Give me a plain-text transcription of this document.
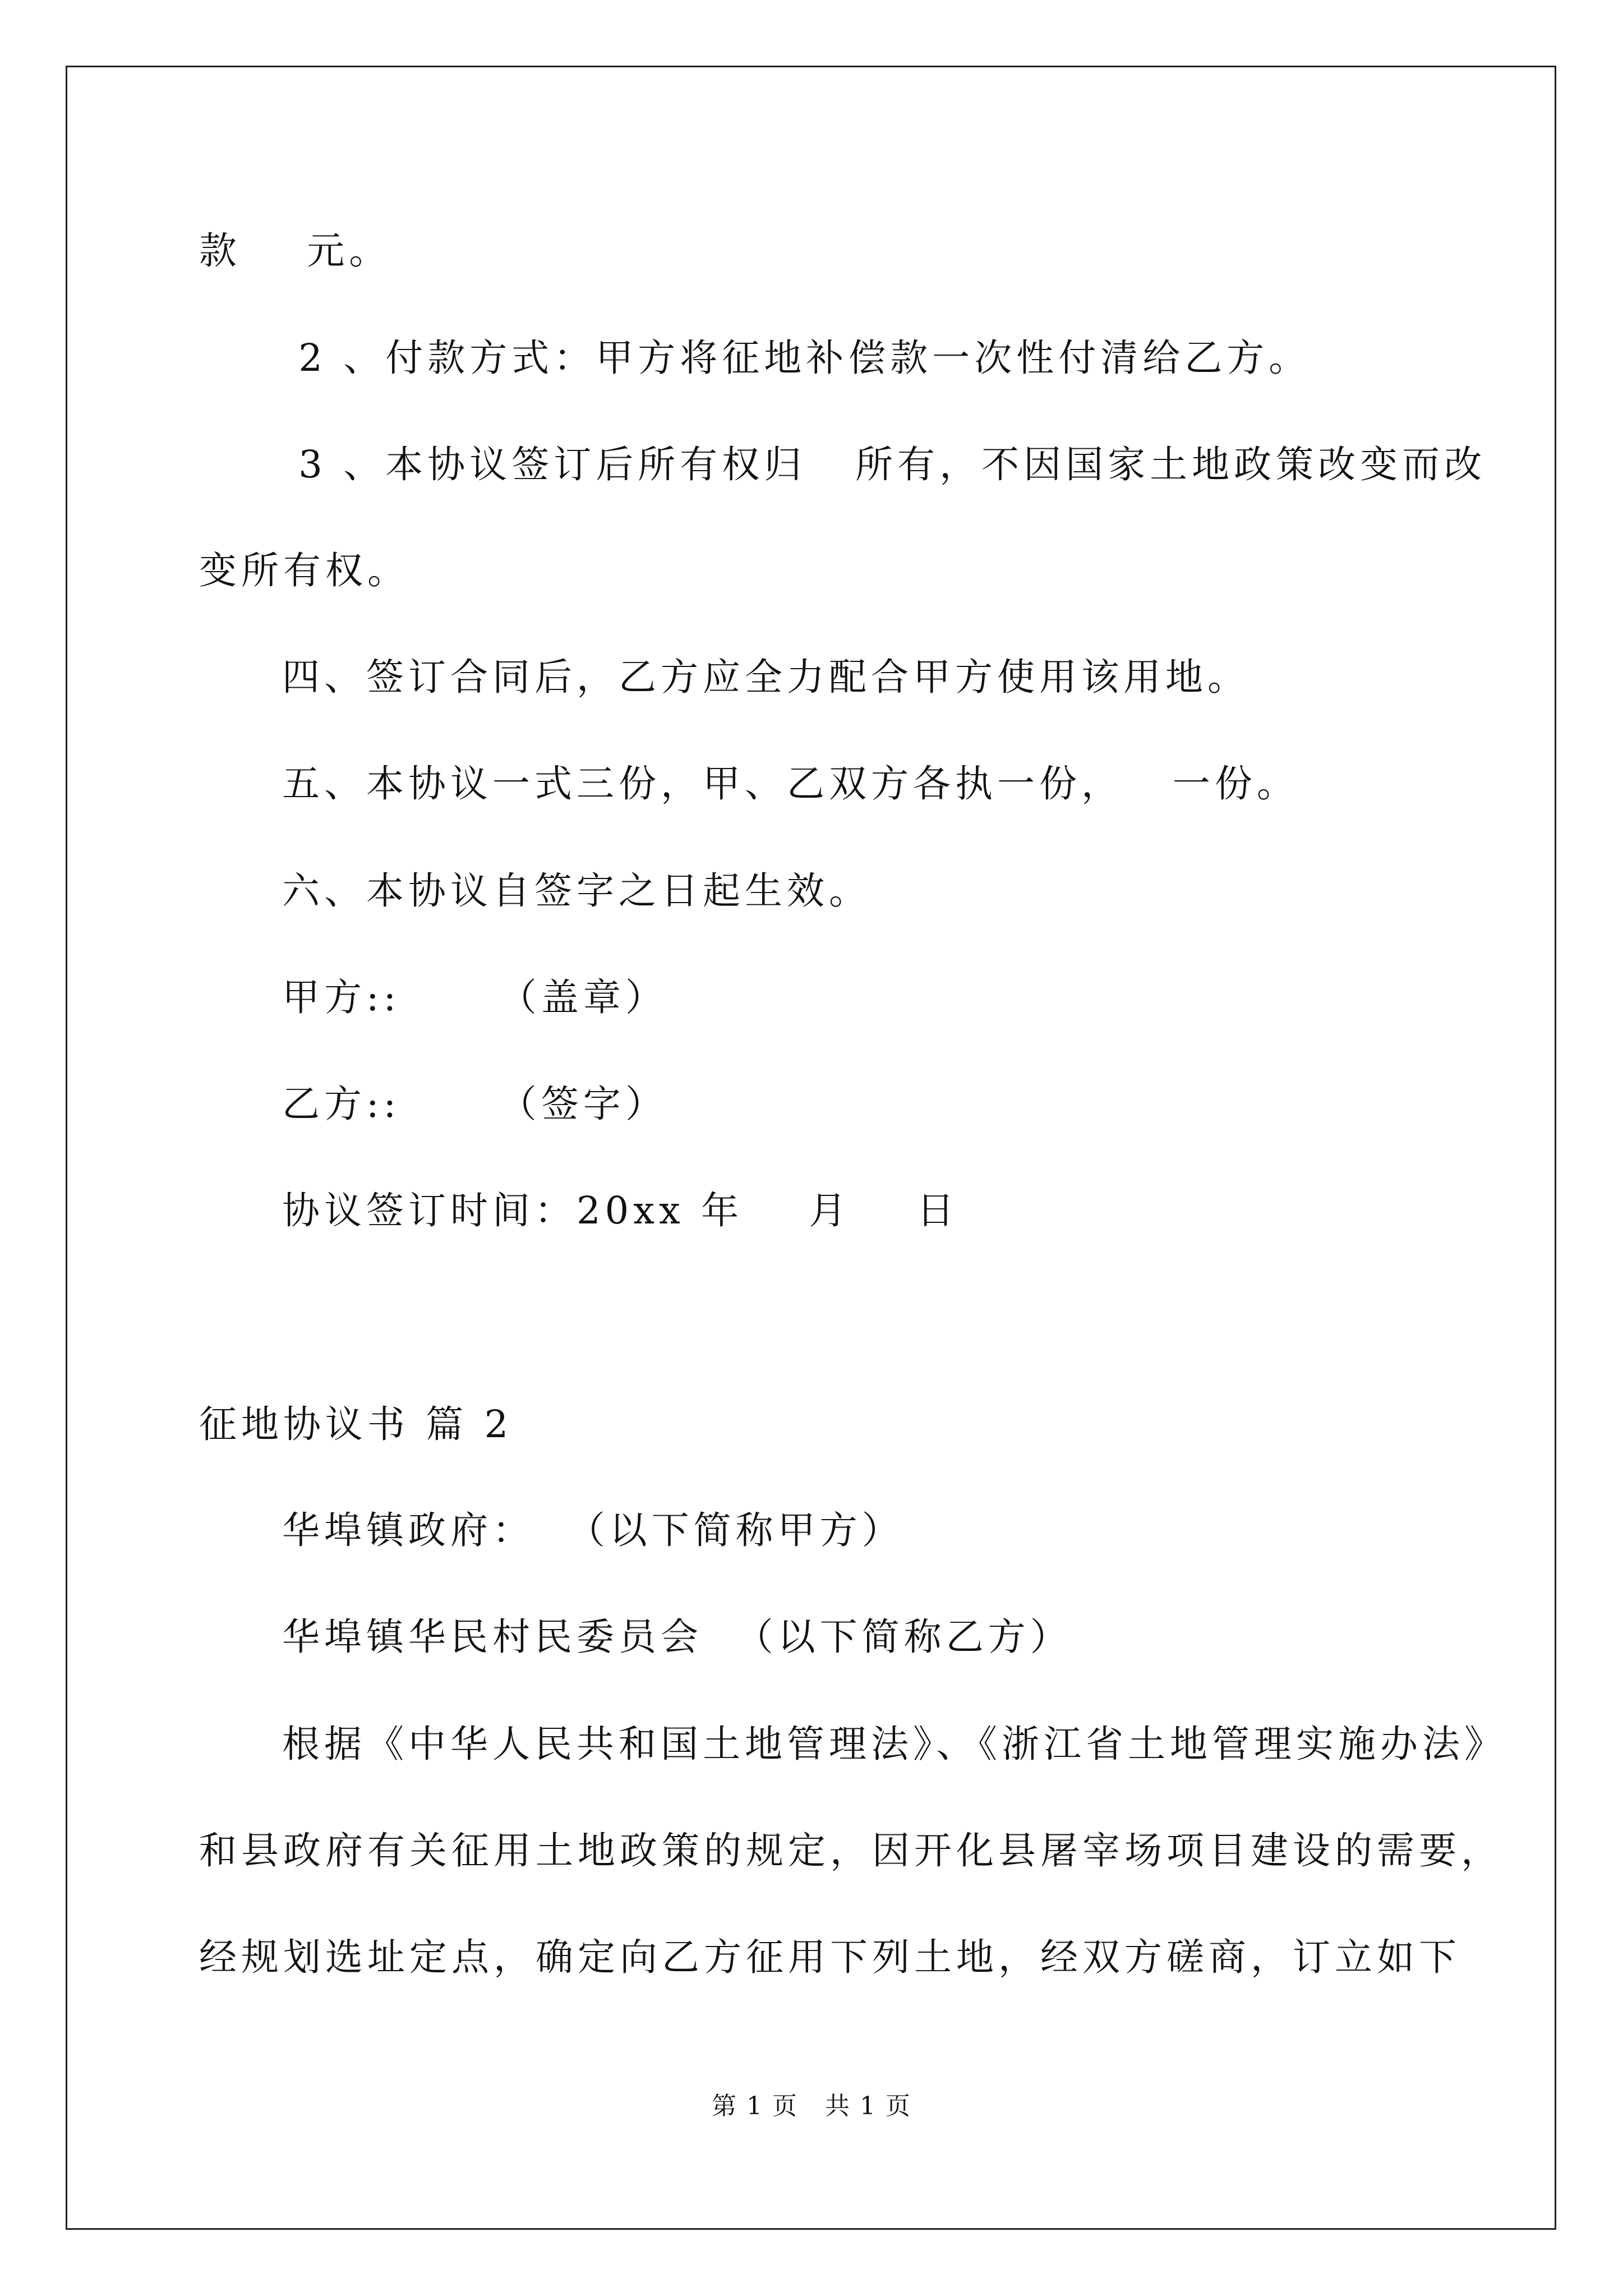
款    元。
2 、付款方式：甲方将征地补偿款一次性付清给乙方。
3 、本协议签订后所有权归   所有，不因国家土地政策改变而改
变所有权。
四、签订合同后，乙方应全力配合甲方使用该用地。
五、本协议一式三份，甲、乙双方各执一份，   一份。
六、本协议自签字之日起生效。
甲方::      （盖章）
乙方::      （签字）
协议签订时间：20xx 年    月    日
征地协议书 篇 2
华埠镇政府：  （以下简称甲方）
华埠镇华民村民委员会  （以下简称乙方）
根据《中华人民共和国土地管理法》、《浙江省土地管理实施办法》
和县政府有关征用土地政策的规定，因开化县屠宰场项目建设的需要，
经规划选址定点，确定向乙方征用下列土地，经双方磋商，订立如下
第 1 页   共 1 页
